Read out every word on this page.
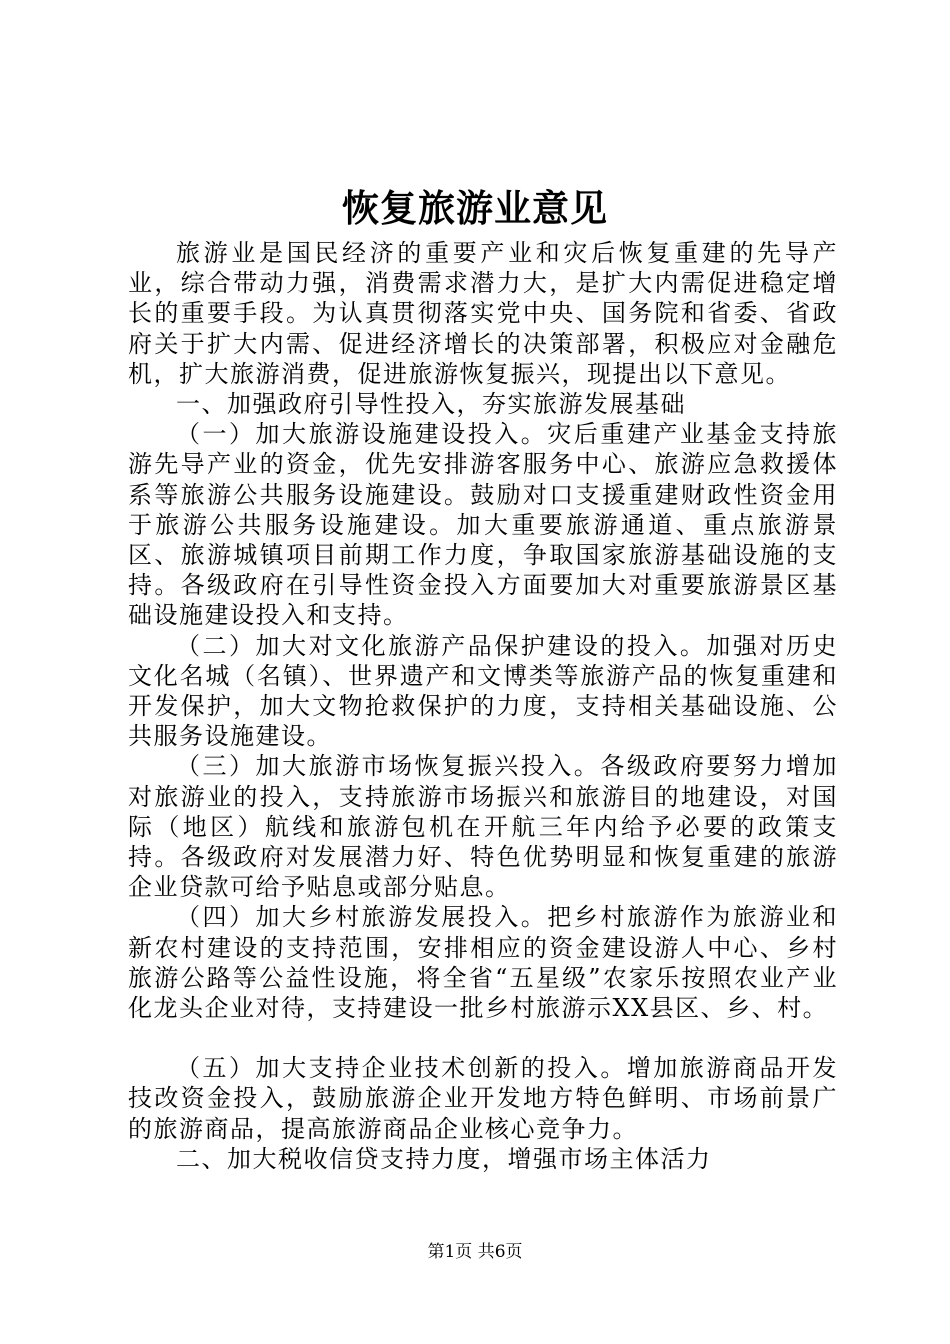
恢复旅游业意见

旅游业是国民经济的重要产业和灾后恢复重建的先导产业，综合带动力强，消费需求潜力大，是扩大内需促进稳定增长的重要手段。为认真贯彻落实党中央、国务院和省委、省政府关于扩大内需、促进经济增长的决策部署，积极应对金融危机，扩大旅游消费，促进旅游恢复振兴，现提出以下意见。

一、加强政府引导性投入，夯实旅游发展基础

（一）加大旅游设施建设投入。灾后重建产业基金支持旅游先导产业的资金，优先安排游客服务中心、旅游应急救援体系等旅游公共服务设施建设。鼓励对口支援重建财政性资金用于旅游公共服务设施建设。加大重要旅游通道、重点旅游景区、旅游城镇项目前期工作力度，争取国家旅游基础设施的支持。各级政府在引导性资金投入方面要加大对重要旅游景区基础设施建设投入和支持。

（二）加大对文化旅游产品保护建设的投入。加强对历史文化名城（名镇）、世界遗产和文博类等旅游产品的恢复重建和开发保护，加大文物抢救保护的力度，支持相关基础设施、公共服务设施建设。

（三）加大旅游市场恢复振兴投入。各级政府要努力增加对旅游业的投入，支持旅游市场振兴和旅游目的地建设，对国际（地区）航线和旅游包机在开航三年内给予必要的政策支持。各级政府对发展潜力好、特色优势明显和恢复重建的旅游企业贷款可给予贴息或部分贴息。

（四）加大乡村旅游发展投入。把乡村旅游作为旅游业和新农村建设的支持范围，安排相应的资金建设游人中心、乡村旅游公路等公益性设施，将全省“五星级”农家乐按照农业产业化龙头企业对待，支持建设一批乡村旅游示XX县区、乡、村。

（五）加大支持企业技术创新的投入。增加旅游商品开发技改资金投入，鼓励旅游企业开发地方特色鲜明、市场前景广的旅游商品，提高旅游商品企业核心竞争力。

二、加大税收信贷支持力度，增强市场主体活力

第1页 共6页
